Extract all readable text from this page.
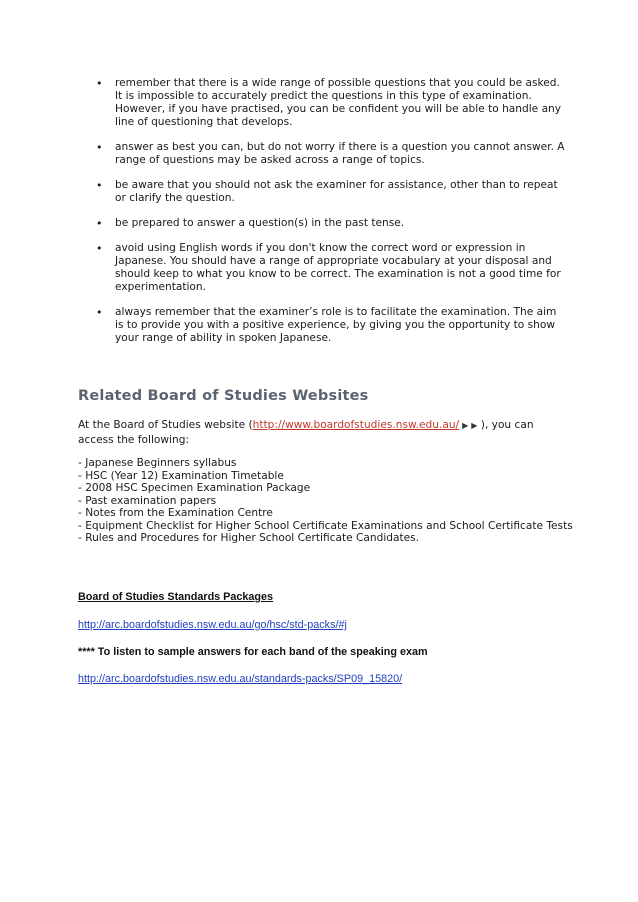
• remember that there is a wide range of possible questions that you could be asked. It is impossible to accurately predict the questions in this type of examination. However, if you have practised, you can be confident you will be able to handle any line of questioning that develops.
• answer as best you can, but do not worry if there is a question you cannot answer. A range of questions may be asked across a range of topics.
• be aware that you should not ask the examiner for assistance, other than to repeat or clarify the question.
• be prepared to answer a question(s) in the past tense.
• avoid using English words if you don't know the correct word or expression in Japanese. You should have a range of appropriate vocabulary at your disposal and should keep to what you know to be correct. The examination is not a good time for experimentation.
• always remember that the examiner’s role is to facilitate the examination. The aim is to provide you with a positive experience, by giving you the opportunity to show your range of ability in spoken Japanese.
Related Board of Studies Websites

At the Board of Studies website (http://www.boardofstudies.nsw.edu.au/ ▶ ▶ ), you can access the following:

- Japanese Beginners syllabus
- HSC (Year 12) Examination Timetable
- 2008 HSC Specimen Examination Package
- Past examination papers
- Notes from the Examination Centre
- Equipment Checklist for Higher School Certificate Examinations and School Certificate Tests
- Rules and Procedures for Higher School Certificate Candidates.
Board of Studies Standards Packages
http://arc.boardofstudies.nsw.edu.au/go/hsc/std-packs/#j

**** To listen to sample answers for each band of the speaking exam

http://arc.boardofstudies.nsw.edu.au/standards-packs/SP09_15820/
